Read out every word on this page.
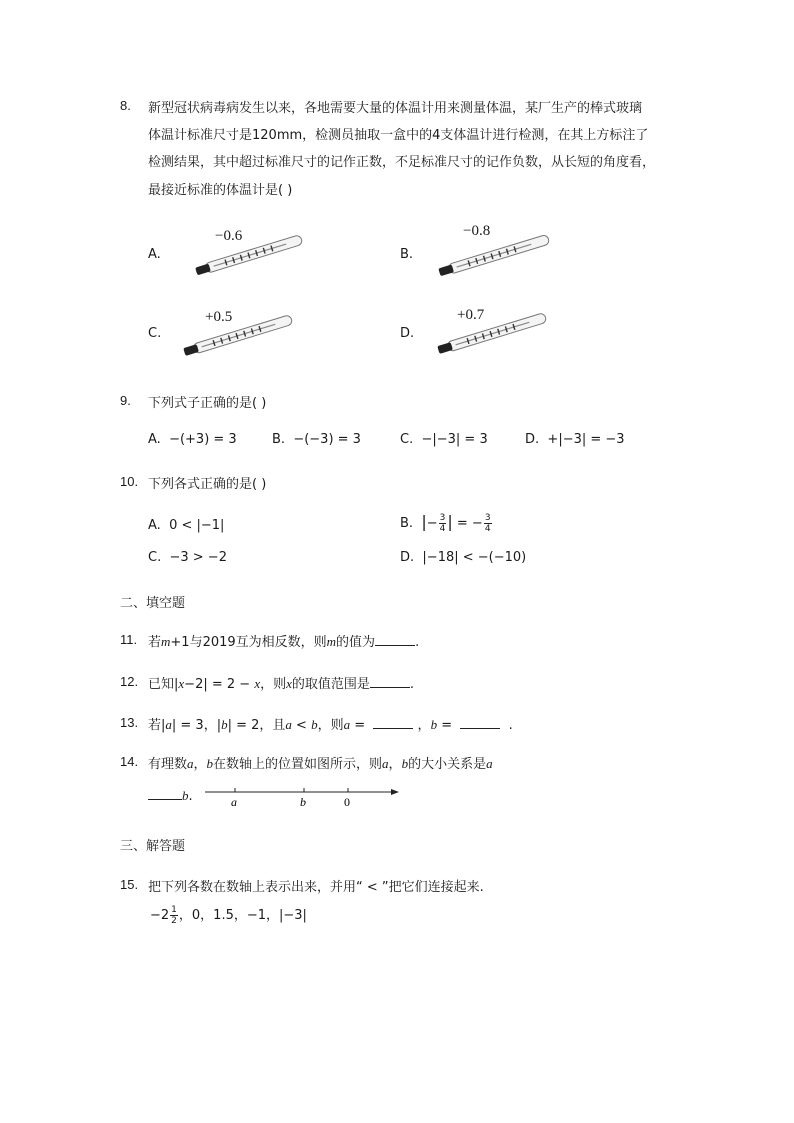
8. 新型冠状病毒病发生以来，各地需要大量的体温计用来测量体温，某厂生产的棒式玻璃
体温计标准尺寸是120mm，检测员抽取一盒中的4支体温计进行检测，在其上方标注了
检测结果，其中超过标准尺寸的记作正数，不足标准尺寸的记作负数，从长短的角度看，
最接近标准的体温计是( )
A.
−0.6
B.
−0.8
C.
+0.5
D.
+0.7
9. 下列式子正确的是( )
A. −(+3) = 3	B. −(−3) = 3	C. −|−3| = 3	D. +|−3| = −3
10. 下列各式正确的是( )
A. 0 < |−1|	B. |− $\frac{3}{4}$ | = − $\frac{3}{4}$
C. −3 > −2	D. |−18| < −(−10)
二、填空题
11. 若m+1与2019互为相反数，则m的值为	.
12. 已知|x−2| = 2 − x，则x的取值范围是	.
13. 若|a| = 3，|b| = 2，且a < b，则a =	，b =	.
14. 有理数a，b在数轴上的位置如图所示，则a，b的大小关系是a
b.	a	b	0
三、解答题
15. 把下列各数在数轴上表示出来，并用“ < ”把它们连接起来.
$-2 \frac{1}{2}$ ，0，1.5，−1，|−3|
